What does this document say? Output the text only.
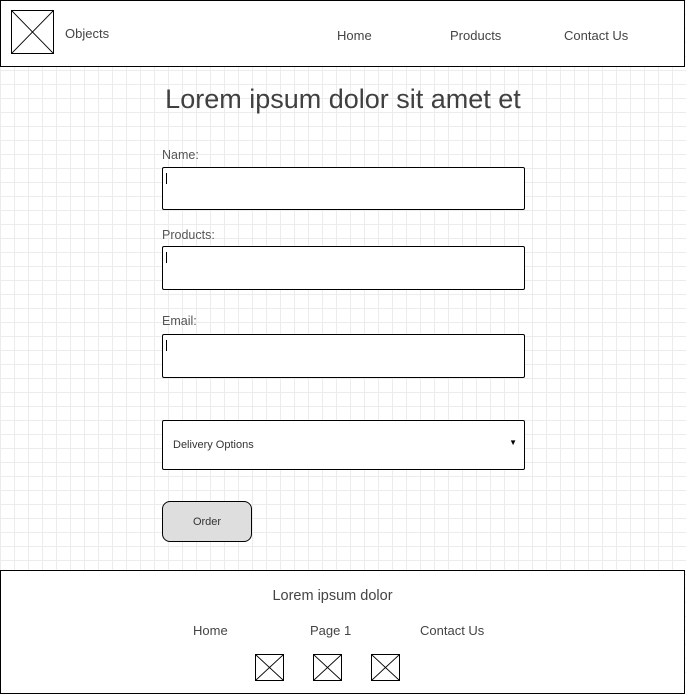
Objects	Home	Products	Contact Us
Lorem ipsum dolor sit amet et
Name:
Products:
Email:
Delivery Options	▼
Order
Lorem ipsum dolor
Home	Page 1	Contact Us
